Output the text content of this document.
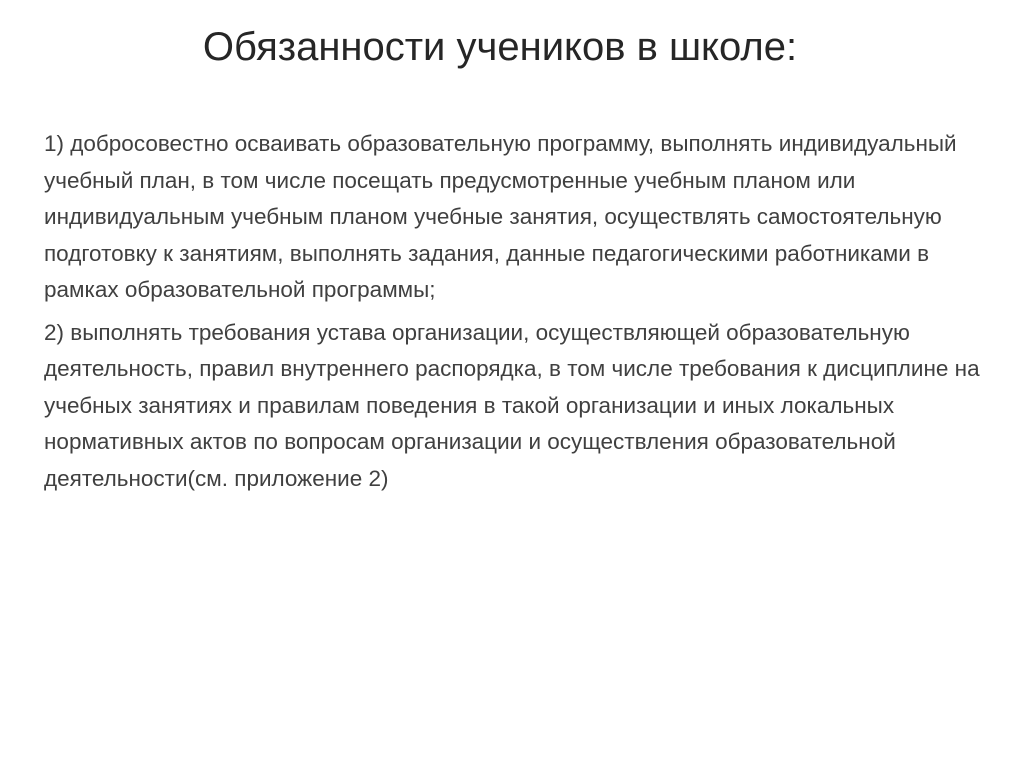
Обязанности учеников в школе:

1) добросовестно осваивать образовательную программу, выполнять индивидуальный учебный план, в том числе посещать предусмотренные учебным планом или индивидуальным учебным планом учебные занятия, осуществлять самостоятельную подготовку к занятиям, выполнять задания, данные педагогическими работниками в рамках образовательной программы;

2) выполнять требования устава организации, осуществляющей образовательную деятельность, правил внутреннего распорядка, в том числе требования к дисциплине на учебных занятиях и правилам поведения в такой организации и иных локальных нормативных актов по вопросам организации и осуществления образовательной деятельности(см. приложение 2)
